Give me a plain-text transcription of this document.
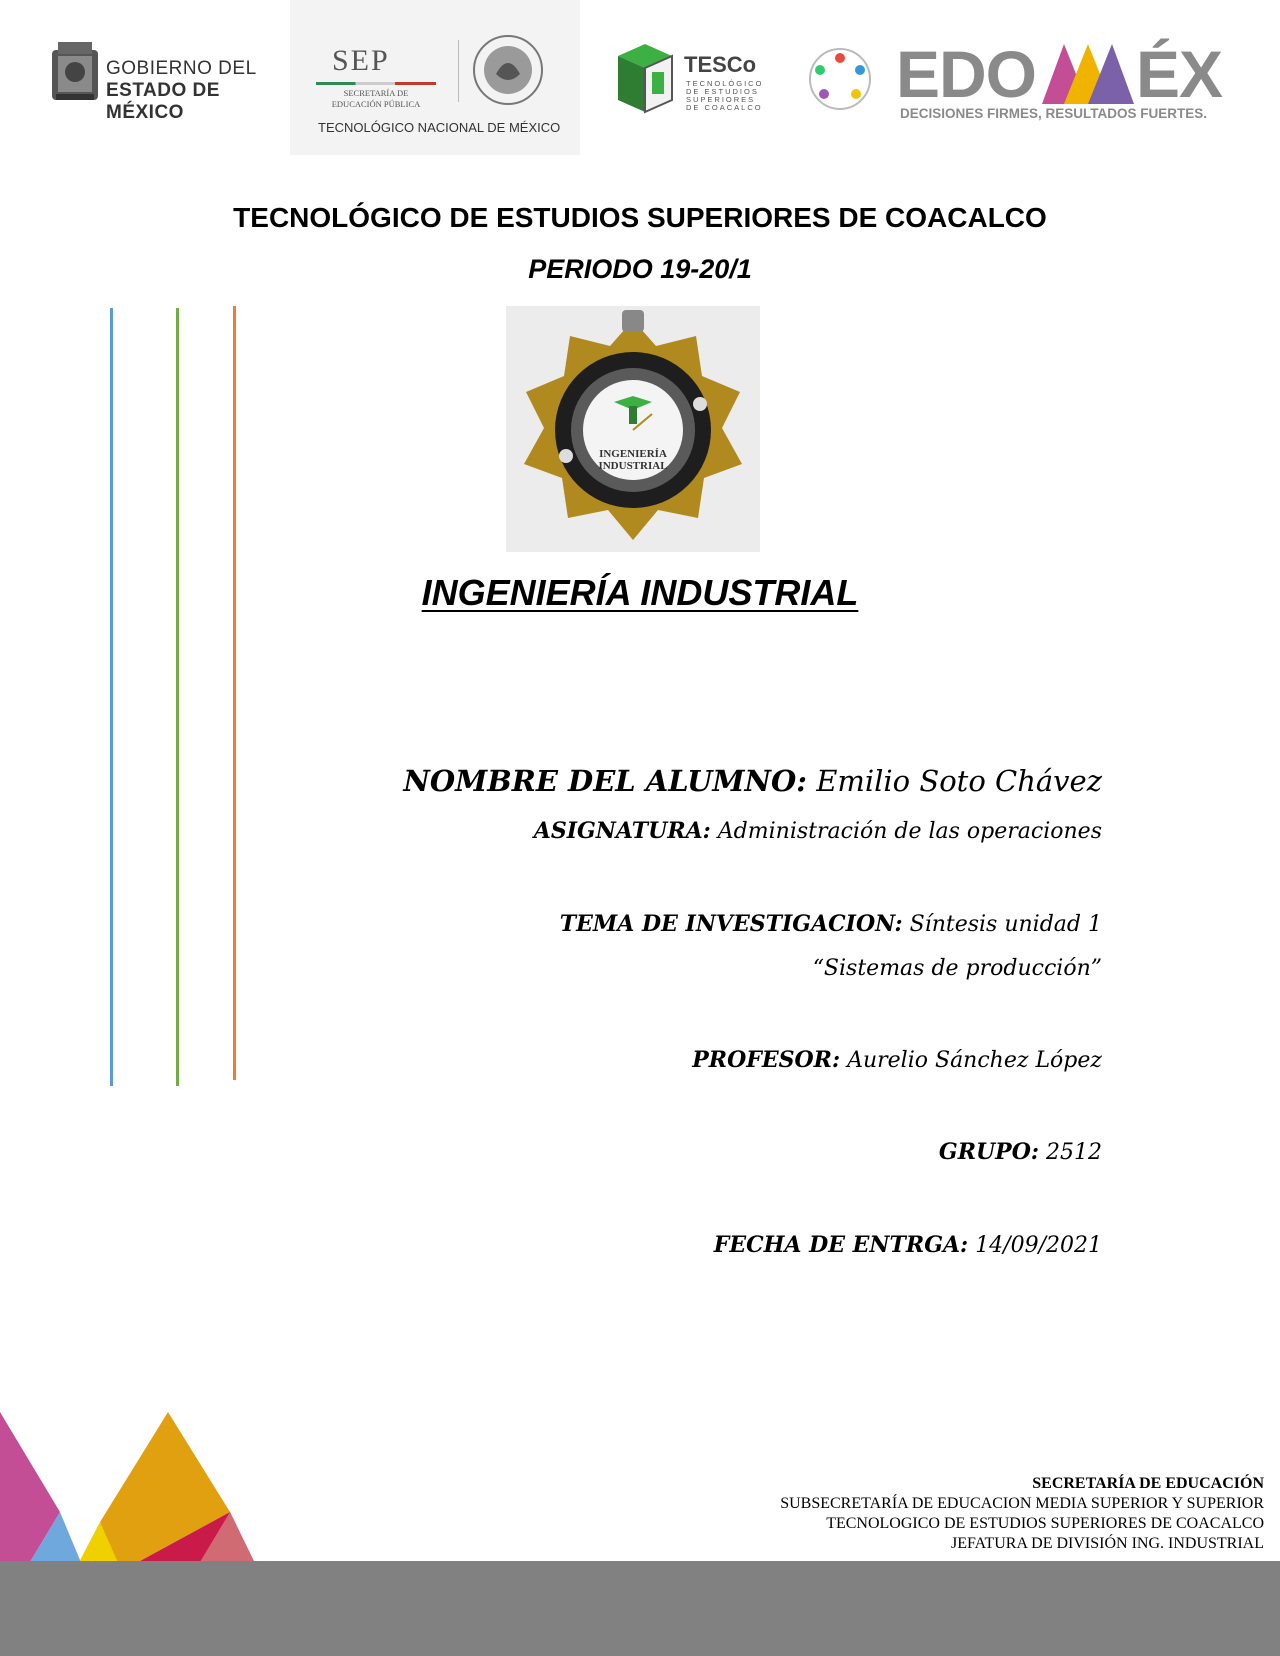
GOBIERNO DEL
ESTADO DE MÉXICO
SEP
SECRETARÍA DE
EDUCACIÓN PÚBLICA
TECNOLÓGICO NACIONAL DE MÉXICO
TESCo
TECNOLÓGICO
DE ESTUDIOS
SUPERIORES
DE COACALCO EDO ÉX
DECISIONES FIRMES, RESULTADOS FUERTES.
TECNOLÓGICO DE ESTUDIOS SUPERIORES DE COACALCO
PERIODO 19-20/1
INGENIERÍA
INDUSTRIAL
INGENIERÍA INDUSTRIAL
NOMBRE DEL ALUMNO: Emilio Soto Chávez
ASIGNATURA: Administración de las operaciones
TEMA DE INVESTIGACION: Síntesis unidad 1
“Sistemas de producción”
PROFESOR: Aurelio Sánchez López
GRUPO: 2512
FECHA DE ENTRGA: 14/09/2021
SECRETARÍA DE EDUCACIÓN
SUBSECRETARÍA DE EDUCACION MEDIA SUPERIOR Y SUPERIOR
TECNOLOGICO DE ESTUDIOS SUPERIORES DE COACALCO
JEFATURA DE DIVISIÓN ING. INDUSTRIAL
